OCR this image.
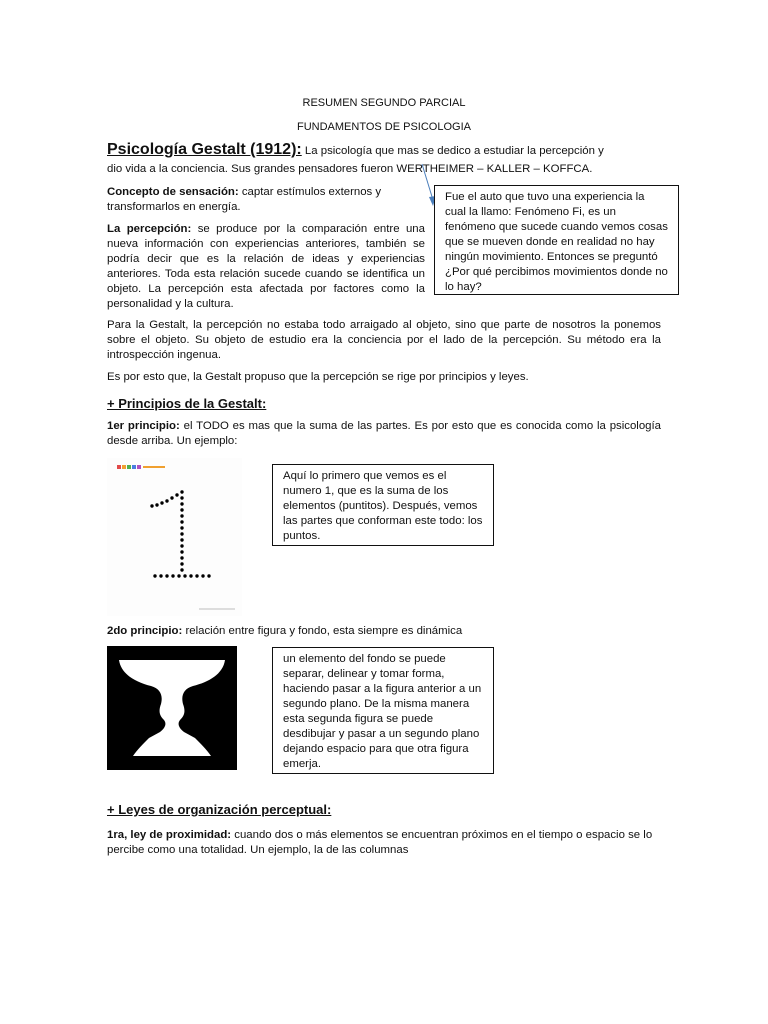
RESUMEN SEGUNDO PARCIAL
FUNDAMENTOS DE PSICOLOGIA
Psicología Gestalt (1912): La psicología que mas se dedico a estudiar la percepción y
dio vida a la conciencia. Sus grandes pensadores fueron WERTHEIMER – KALLER – KOFFCA.

Concepto de sensación: captar estímulos externos y transformarlos en energía.

La percepción: se produce por la comparación entre una nueva información con experiencias anteriores, también se podría decir que es la relación de ideas y experiencias anteriores. Toda esta relación sucede cuando se identifica un objeto. La percepción esta afectada por factores como la personalidad y la cultura.

Fue el auto que tuvo una experiencia la cual la llamo: Fenómeno Fi, es un fenómeno que sucede cuando vemos cosas que se mueven donde en realidad no hay ningún movimiento. Entonces se preguntó ¿Por qué percibimos movimientos donde no lo hay?

Para la Gestalt, la percepción no estaba todo arraigado al objeto, sino que parte de nosotros la ponemos sobre el objeto. Su objeto de estudio era la conciencia por el lado de la percepción. Su método era la introspección ingenua.

Es por esto que, la Gestalt propuso que la percepción se rige por principios y leyes.

+ Principios de la Gestalt:

1er principio: el TODO es mas que la suma de las partes. Es por esto que es conocida como la psicología desde arriba. Un ejemplo:

Aquí lo primero que vemos es el numero 1, que es la suma de los elementos (puntitos). Después, vemos las partes que conforman este todo: los puntos.

2do principio: relación entre figura y fondo, esta siempre es dinámica

un elemento del fondo se puede separar, delinear y tomar forma, haciendo pasar a la figura anterior a un segundo plano. De la misma manera esta segunda figura se puede desdibujar y pasar a un segundo plano dejando espacio para que otra figura emerja.
+ Leyes de organización perceptual:

1ra, ley de proximidad: cuando dos o más elementos se encuentran próximos en el tiempo o espacio se lo percibe como una totalidad. Un ejemplo, la de las columnas
